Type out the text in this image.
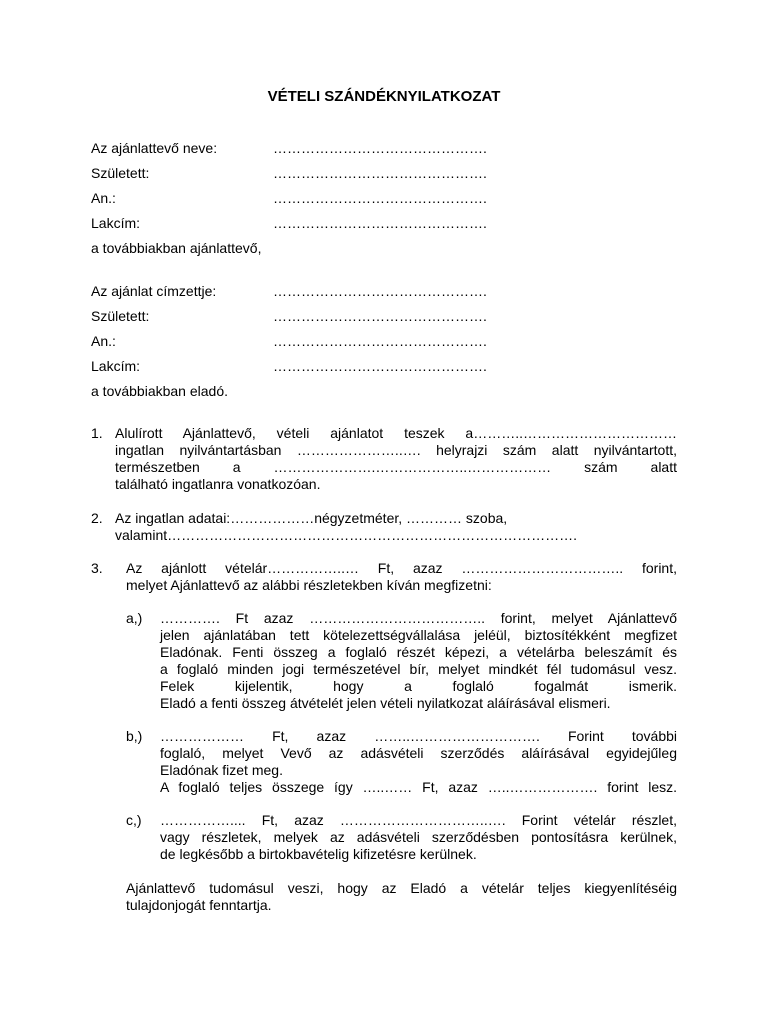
VÉTELI SZÁNDÉKNYILATKOZAT
Az ajánlattevő neve:	……………………………………….
Született:	……………………………………….
An.:	……………………………………….
Lakcím:	……………………………………….
a továbbiakban ajánlattevő,
Az ajánlat címzettje:	……………………………………….
Született:	……………………………………….
An.:	……………………………………….
Lakcím:	……………………………………….
a továbbiakban eladó.
1. Alulírott Ajánlattevő, vételi ajánlatot teszek a………..……………………………
ingatlan nyilvántartásban …………………..…. helyrajzi szám alatt nyilvántartott,
természetben a ………………….………………..……………… szám alatt
található ingatlanra vonatkozóan.
2. Az ingatlan adatai:………………négyzetméter, ………… szoba,
valamint…………………………………………………………………………….
3. Az ajánlott vételár……………..… Ft, azaz …………………………….. forint,
melyet Ajánlattevő az alábbi részletekben kíván megfizetni:
a,) …………. Ft azaz ……………………………….. forint, melyet Ajánlattevő
jelen ajánlatában tett kötelezettségvállalása jeléül, biztosítékként megfizet
Eladónak. Fenti összeg a foglaló részét képezi, a vételárba beleszámít és
a foglaló minden jogi természetével bír, melyet mindkét fél tudomásul vesz.
Felek kijelentik, hogy a foglaló fogalmát ismerik.
Eladó a fenti összeg átvételét jelen vételi nyilatkozat aláírásával elismeri.
b,) ……………… Ft, azaz ……..………………………. Forint további
foglaló, melyet Vevő az adásvételi szerződés aláírásával egyidejűleg
Eladónak fizet meg.
A foglaló teljes összege így …..…… Ft, azaz …..………………. forint lesz.
c,) …………….... Ft, azaz …………………………..…. Forint vételár részlet,
vagy részletek, melyek az adásvételi szerződésben pontosításra kerülnek,
de legkésőbb a birtokbavételig kifizetésre kerülnek.
Ajánlattevő tudomásul veszi, hogy az Eladó a vételár teljes kiegyenlítéséig
tulajdonjogát fenntartja.
